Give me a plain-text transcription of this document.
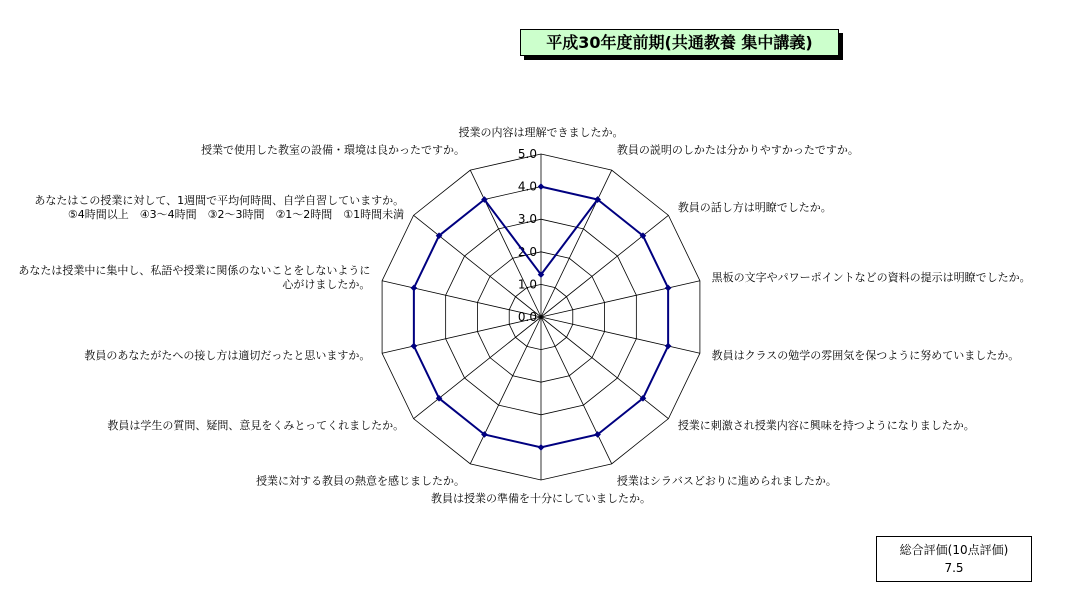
平成30年度前期(共通教養 集中講義)
0.0
1.0
2.0
3.0
4.0
5.0
授業の内容は理解できましたか。
教員の説明のしかたは分かりやすかったですか。
教員の話し方は明瞭でしたか。
黒板の文字やパワーポイントなどの資料の提示は明瞭でしたか。
教員はクラスの勉学の雰囲気を保つように努めていましたか。
授業に刺激され授業内容に興味を持つようになりましたか。
授業はシラバスどおりに進められましたか。
教員は授業の準備を十分にしていましたか。
授業に対する教員の熱意を感じましたか。
教員は学生の質問、疑問、意見をくみとってくれましたか。
教員のあなたがたへの接し方は適切だったと思いますか。
あなたは授業中に集中し、私語や授業に関係のないことをしないように心がけましたか。
あなたはこの授業に対して、1週間で平均何時間、自学自習していますか。 ⑤4時間以上　④3～4時間　③2～3時間　②1～2時間　①1時間未満
授業で使用した教室の設備・環境は良かったですか。
総合評価(10点評価)
7.5
